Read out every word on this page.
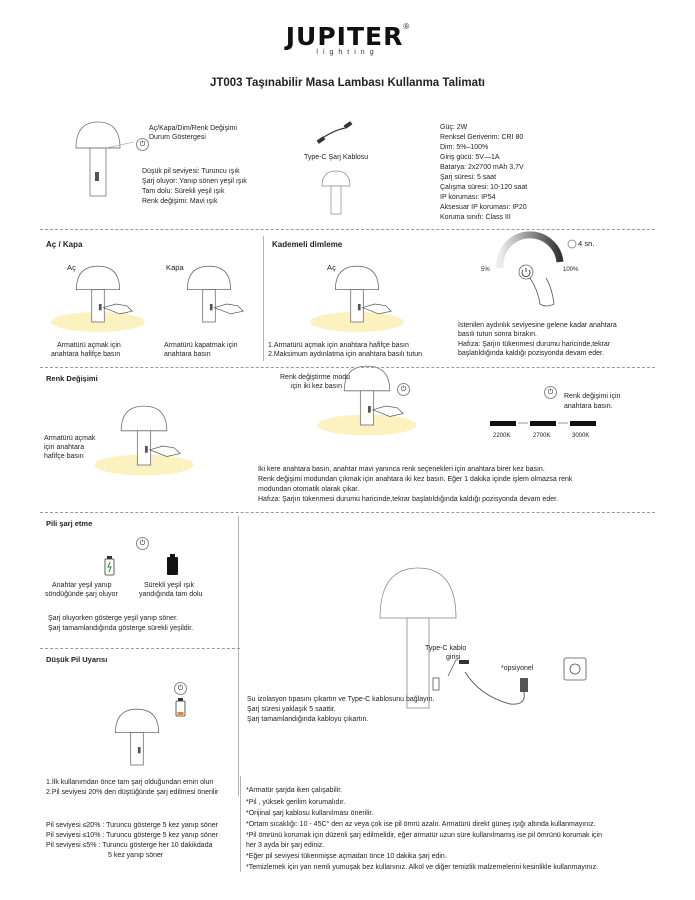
JUPITER®
lighting
JT003 Taşınabilir Masa Lambası Kullanma Talimatı
⏻
Aç/Kapa/Dim/Renk Değişimi
Durum Göstergesi
Düşük pil seviyesi: Turuncu ışık
Şarj oluyor: Yanıp sönen yeşil ışık
Tam dolu: Sürekli yeşil ışık
Renk değişimi: Mavi ışık
Type-C Şarj Kablosu
Güç: 2W
Renksel Geriverim: CRI 80
Dim: 5%–100%
Giriş gücü: 5V—1A
Batarya: 2x2700 mAh 3,7V
Şarj süresi: 5 saat
Çalışma süresi: 10-120 saat
IP koruması: IP54
Aksesuar IP koruması: IP20
Koruma sınıfı: Class III
Aç / Kapa	Kademeli dimleme
Aç	Kapa	Aç
Armatürü açmak için
anahtara hafifçe basın
Armatürü kapatmak için
anahtara basın
1.Armatürü açmak için anahtara hafifçe basın
2.Maksimum aydınlatma için anahtara basılı tutun
4 sn.
5%	100%
İstenilen aydınlık seviyesine gelene kadar anahtara
basılı tutun sonra bırakın.
Hafıza: Şarjın tükenmesi durumu haricinde,tekrar
başlatıldığında kaldığı pozisyonda devam eder.
Renk Değişimi	Renk değiştirme modu
için iki kez basın
Armatürü açmak
için anahtara
hafifçe basın
⏻	⏻
Renk değişimi için
anahtara basın.
2200K	2700K	3000K
İki kere anahtara basın, anahtar mavi yanınca renk seçenekleri için anahtara birer kez basın.
Renk değişimi modundan çıkmak için anahtara iki kez basın. Eğer 1 dakika içinde işlem olmazsa renk
modundan otomatik olarak çıkar.
Hafıza: Şarjın tükenmesi durumu haricinde,tekrar başlatıldığında kaldığı pozisyonda devam eder.
Pili şarj etme
⏻
Anahtar yeşil yanıp
söndüğünde şarj oluyor
Sürekli yeşil ışık
yandığında tam dolu
Şarj oluyorken gösterge yeşil yanıp söner.
Şarj tamamlandığında gösterge sürekli yeşildir.
Type-C kablo
girişi
*opsiyonel
Su izolasyon tıpasını çıkartın ve Type-C kablosunu bağlayın.
Şarj süresi yaklaşık 5 saattir.
Şarj tamamlandığında kabloyu çıkartın.
Düşük Pil Uyarısı
⏻
1.İlk kullanımdan önce tam şarj olduğundan emin olun
2.Pil seviyesi 20% den düştüğünde şarj edilmesi önerilir
Pil seviyesi ≤20% : Turuncu gösterge 5 kez yanıp söner
Pil seviyesi ≤10% : Turuncu gösterge 5 kez yanıp söner
Pil seviyesi ≤5% : Turuncu gösterge her 10 dakikdada
5 kez yanıp söner
*Armatür şarjda iken çalışabilir.
*Pil , yüksek gerilim korumalıdır.
*Orijinal şarj kablosu kullanılması önerilir.
*Ortam sıcaklığı: 10 - 45C° den az veya çok ise pil ömrü azalır. Armatürü direkt güneş ışığı altında kullanmayınız.
*Pil ömrünü korumak için düzenli şarj edilmelidir, eğer armatür uzun süre kullanılmamış ise pil ömrünü korumak için
her 3 ayda bir şarj ediniz.
*Eğer pil seviyesi tükenmişse açmadan önce 10 dakika şarj edin.
*Temizlemek için yarı nemli yumuşak bez kullanınız. Alkol ve diğer temizlik malzemelerini kesinlikle kullanmayınız.
